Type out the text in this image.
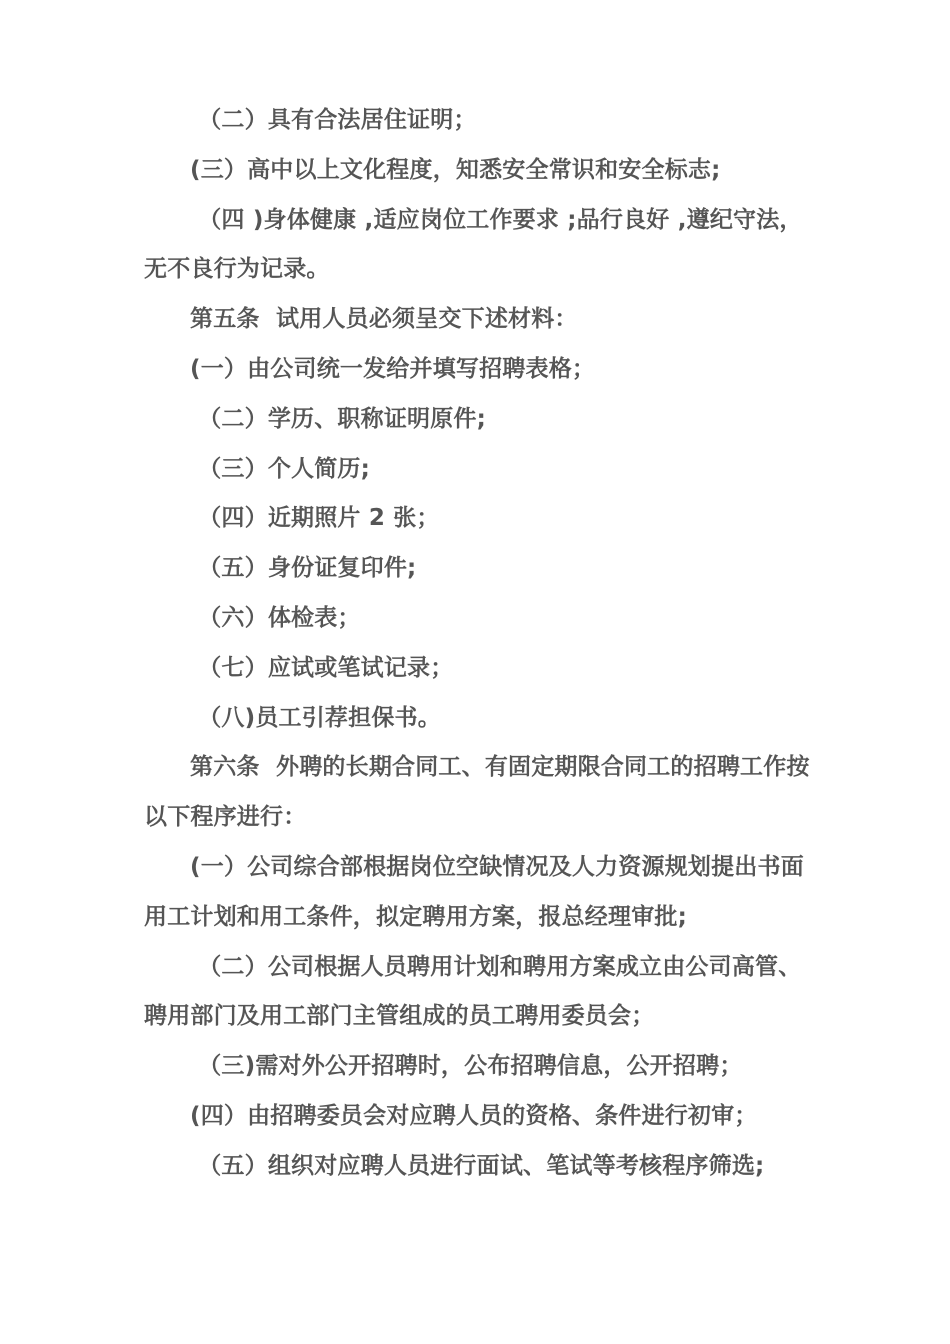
（二）具有合法居住证明；

(三）高中以上文化程度，知悉安全常识和安全标志;

（四 )身体健康 ,适应岗位工作要求 ;品行良好 ,遵纪守法，无不良行为记录。

第五条  试用人员必须呈交下述材料：

(一）由公司统一发给并填写招聘表格；

（二）学历、职称证明原件;

（三）个人简历;

（四）近期照片 2 张；

（五）身份证复印件;

（六）体检表；

（七）应试或笔试记录；

（八)员工引荐担保书。

第六条  外聘的长期合同工、有固定期限合同工的招聘工作按以下程序进行：

(一）公司综合部根据岗位空缺情况及人力资源规划提出书面用工计划和用工条件，拟定聘用方案，报总经理审批;

（二）公司根据人员聘用计划和聘用方案成立由公司高管、聘用部门及用工部门主管组成的员工聘用委员会；

（三)需对外公开招聘时，公布招聘信息，公开招聘；

(四）由招聘委员会对应聘人员的资格、条件进行初审；

（五）组织对应聘人员进行面试、笔试等考核程序筛选;
